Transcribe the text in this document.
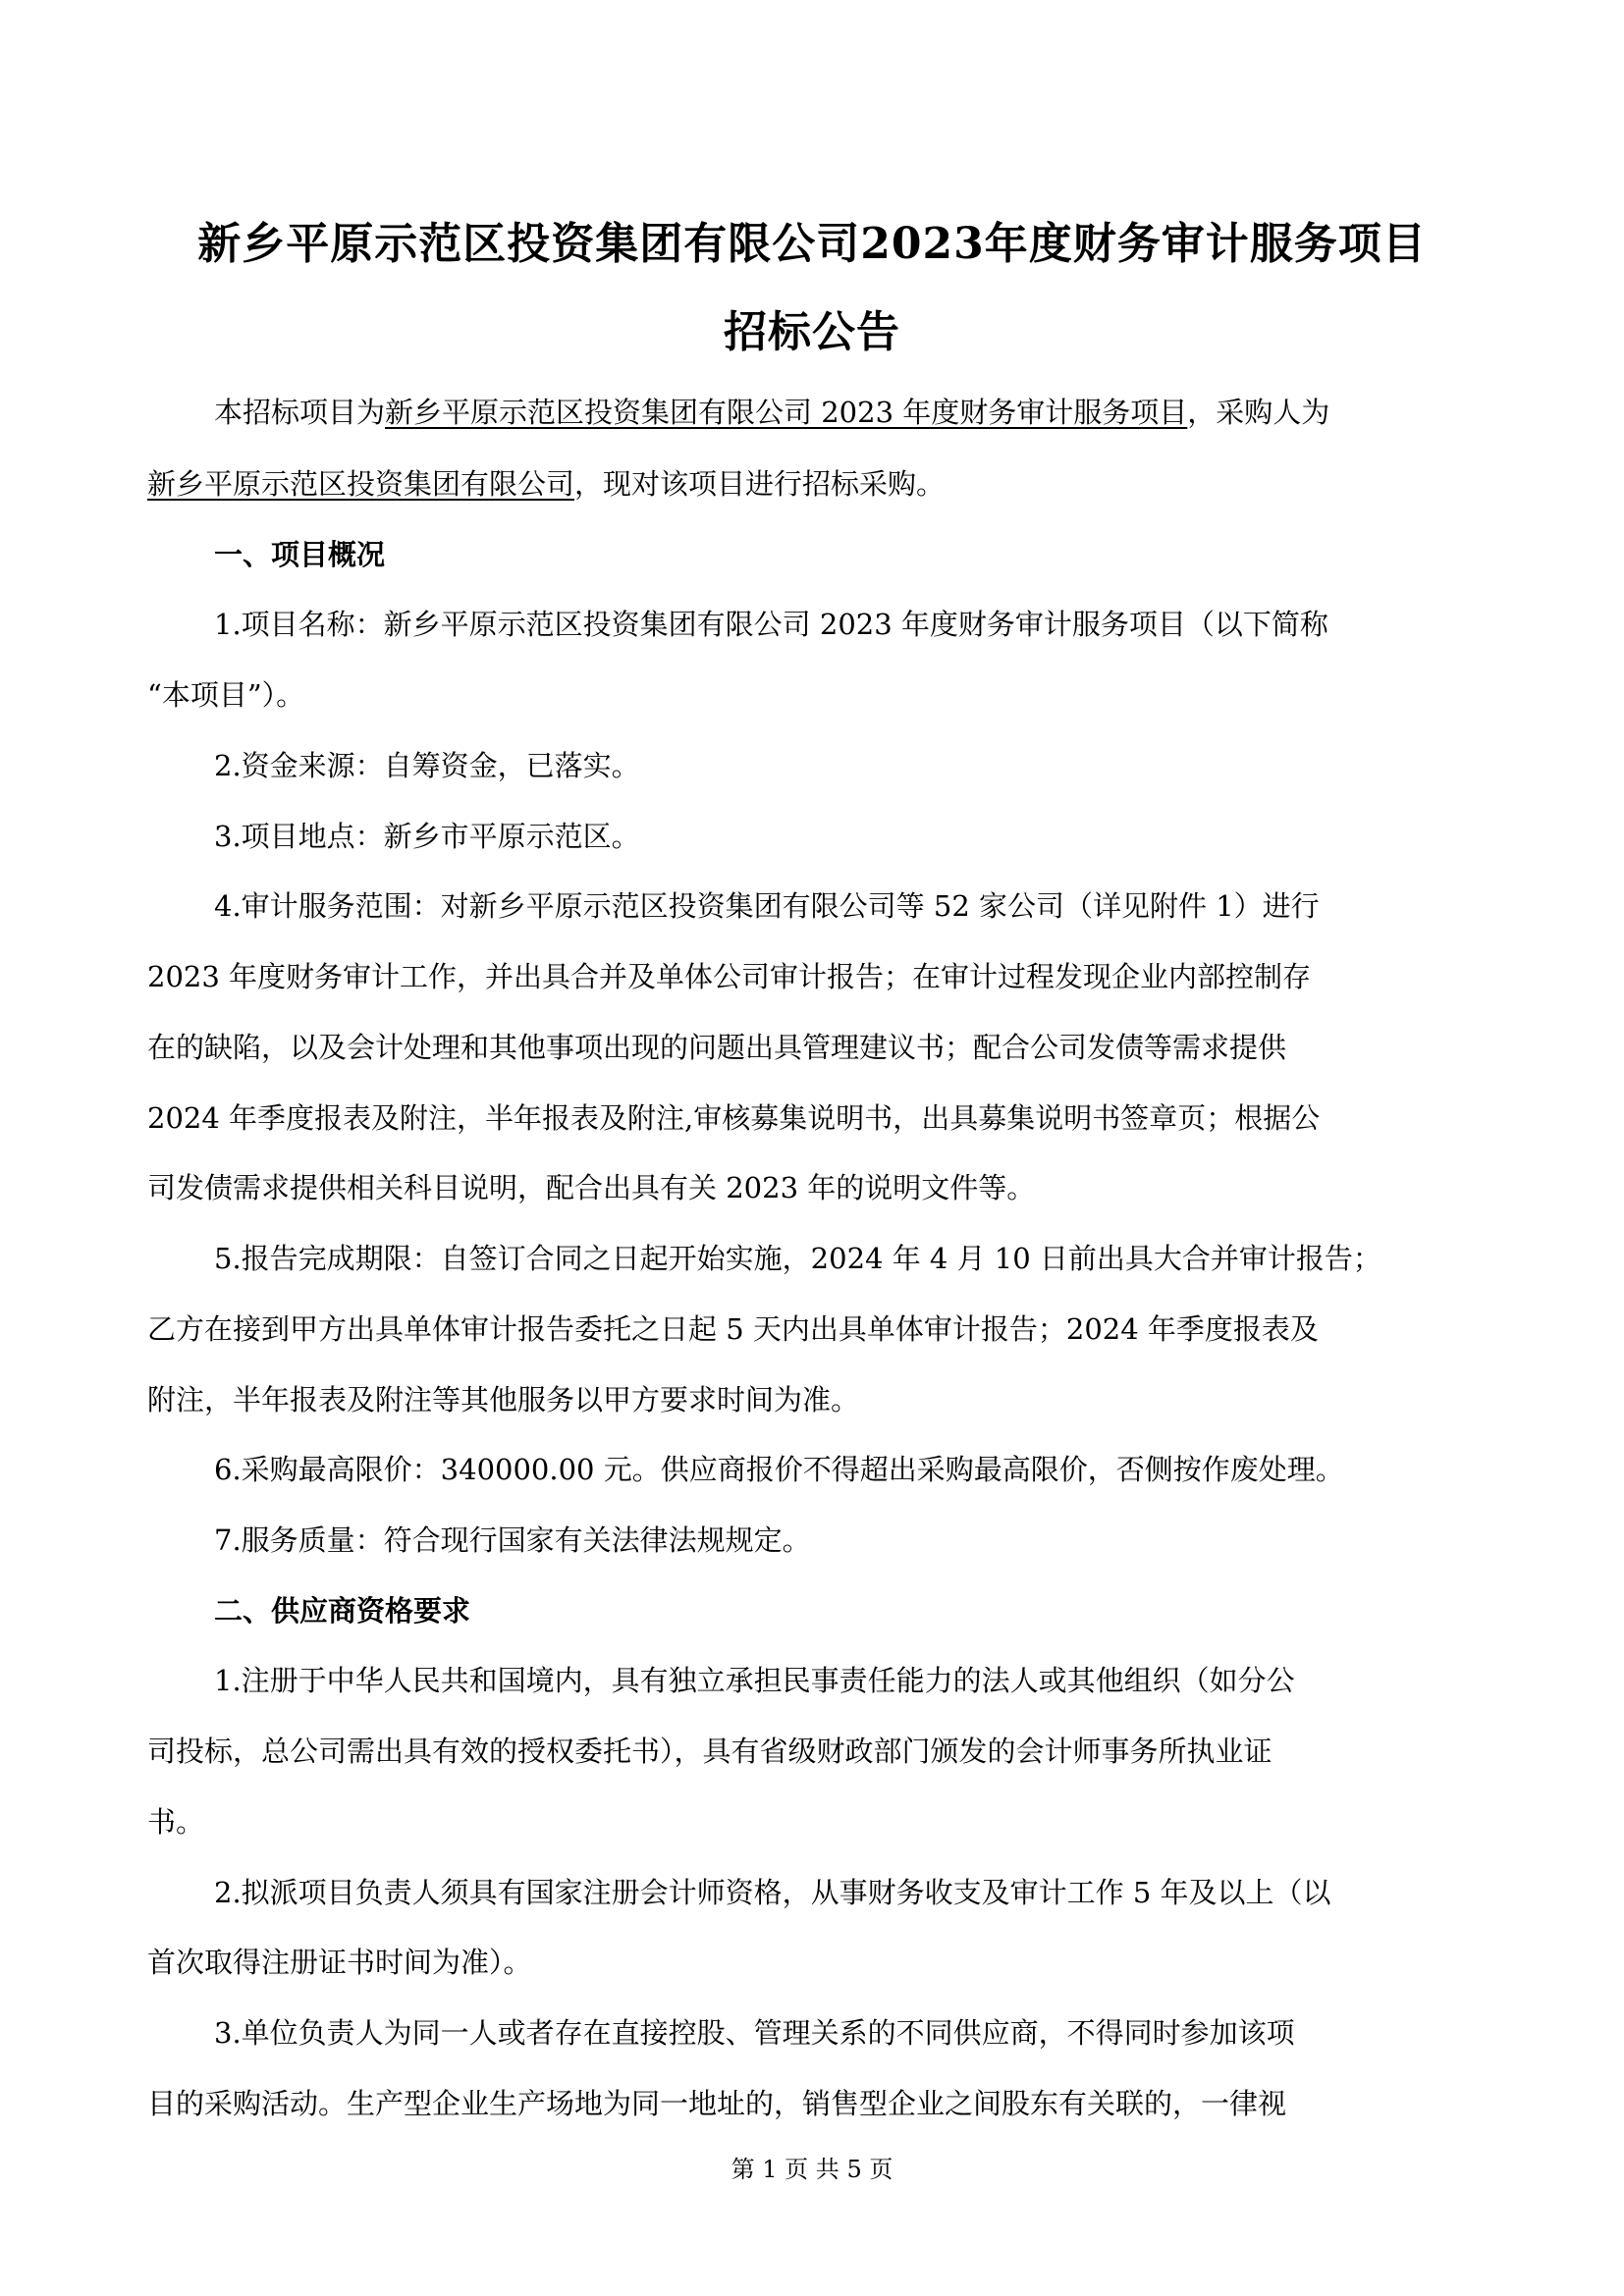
新乡平原示范区投资集团有限公司2023年度财务审计服务项目
招标公告
本招标项目为新乡平原示范区投资集团有限公司 2023 年度财务审计服务项目，采购人为
新乡平原示范区投资集团有限公司，现对该项目进行招标采购。
一、项目概况
1.项目名称：新乡平原示范区投资集团有限公司 2023 年度财务审计服务项目（以下简称
“本项目”）。
2.资金来源：自筹资金，已落实。
3.项目地点：新乡市平原示范区。
4.审计服务范围：对新乡平原示范区投资集团有限公司等 52 家公司（详见附件 1）进行
2023 年度财务审计工作，并出具合并及单体公司审计报告；在审计过程发现企业内部控制存
在的缺陷，以及会计处理和其他事项出现的问题出具管理建议书；配合公司发债等需求提供
2024 年季度报表及附注，半年报表及附注,审核募集说明书，出具募集说明书签章页；根据公
司发债需求提供相关科目说明，配合出具有关 2023 年的说明文件等。
5.报告完成期限：自签订合同之日起开始实施，2024 年 4 月 10 日前出具大合并审计报告；
乙方在接到甲方出具单体审计报告委托之日起 5 天内出具单体审计报告；2024 年季度报表及
附注，半年报表及附注等其他服务以甲方要求时间为准。
6.采购最高限价：340000.00 元。供应商报价不得超出采购最高限价，否侧按作废处理。
7.服务质量：符合现行国家有关法律法规规定。
二、供应商资格要求
1.注册于中华人民共和国境内，具有独立承担民事责任能力的法人或其他组织（如分公
司投标，总公司需出具有效的授权委托书），具有省级财政部门颁发的会计师事务所执业证
书。
2.拟派项目负责人须具有国家注册会计师资格，从事财务收支及审计工作 5 年及以上（以
首次取得注册证书时间为准）。
3.单位负责人为同一人或者存在直接控股、管理关系的不同供应商，不得同时参加该项
目的采购活动。生产型企业生产场地为同一地址的，销售型企业之间股东有关联的，一律视
第 1 页 共 5 页
